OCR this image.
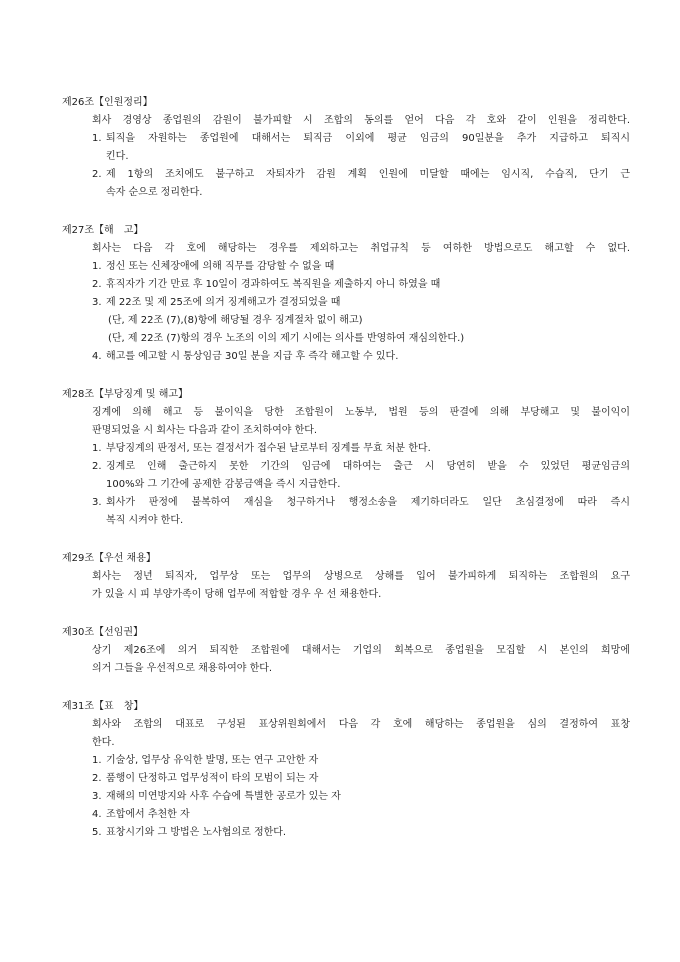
제26조【인원정리】
회사 경영상 종업원의 감원이 불가피할 시 조합의 동의를 얻어 다음 각 호와 같이 인원을 정리한다.
1. 퇴직을 자원하는 종업원에 대해서는 퇴직금 이외에 평균 임금의 90일분을 추가 지급하고 퇴직시
킨다.
2. 제 1항의 조치에도 불구하고 자퇴자가 감원 계획 인원에 미달할 때에는 임시직, 수습직, 단기 근
속자 순으로 정리한다.
제27조【해　고】
회사는 다음 각 호에 해당하는 경우를 제외하고는 취업규칙 등 여하한 방법으로도 해고할 수 없다.
1. 정신 또는 신체장애에 의해 직무를 감당할 수 없을 때
2. 휴직자가 기간 만료 후 10일이 경과하여도 복직원을 제출하지 아니 하였을 때
3. 제 22조 및 제 25조에 의거 징계해고가 결정되었을 때
(단, 제 22조 (7),(8)항에 해당될 경우 징계절차 없이 해고)
(단, 제 22조 (7)항의 경우 노조의 이의 제기 시에는 의사를 반영하여 재심의한다.)
4. 해고를 예고할 시 통상임금 30일 분을 지급 후 즉각 해고할 수 있다.
제28조【부당징계 및 해고】
징계에 의해 해고 등 불이익을 당한 조합원이 노동부, 법원 등의 판결에 의해 부당해고 및 불이익이
판명되었을 시 회사는 다음과 같이 조치하여야 한다.
1. 부당징계의 판정서, 또는 결정서가 접수된 날로부터 징계를 무효 처분 한다.
2. 징계로 인해 출근하지 못한 기간의 임금에 대하여는 출근 시 당연히 받을 수 있었던 평균임금의
100%와 그 기간에 공제한 감봉금액을 즉시 지급한다.
3. 회사가 판정에 불복하여 재심을 청구하거나 행정소송을 제기하더라도 일단 초심결정에 따라 즉시
복직 시켜야 한다.
제29조【우선 채용】
회사는 정년 퇴직자, 업무상 또는 업무의 상병으로 상해를 입어 불가피하게 퇴직하는 조합원의 요구
가 있을 시 피 부양가족이 당해 업무에 적합할 경우 우 선 채용한다.
제30조【선임권】
상기 제26조에 의거 퇴직한 조합원에 대해서는 기업의 회복으로 종업원을 모집할 시 본인의 희망에
의거 그들을 우선적으로 채용하여야 한다.
제31조【표　창】
회사와 조합의 대표로 구성된 표상위원회에서 다음 각 호에 해당하는 종업원을 심의 결정하여 표창
한다.
1. 기술상, 업무상 유익한 발명, 또는 연구 고안한 자
2. 품행이 단정하고 업무성적이 타의 모범이 되는 자
3. 재해의 미연방지와 사후 수습에 특별한 공로가 있는 자
4. 조합에서 추천한 자
5. 표창시기와 그 방법은 노사협의로 정한다.
